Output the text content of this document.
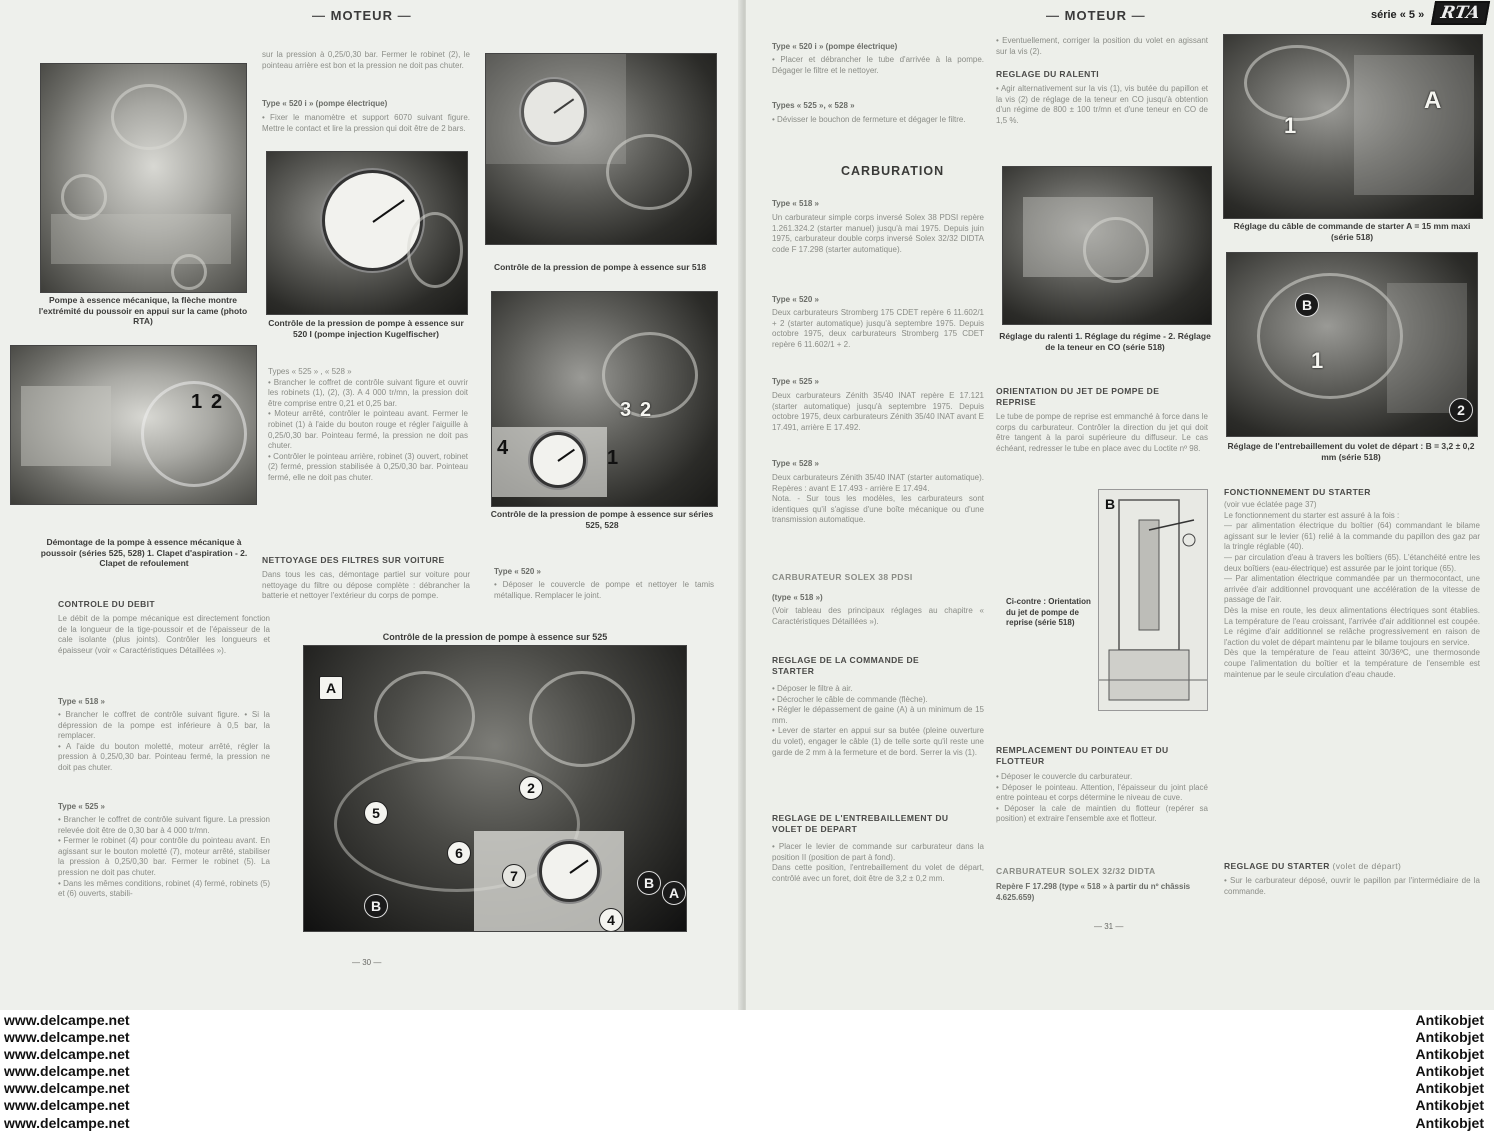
— MOTEUR —
Pompe à essence mécanique, la flèche montre l'extrémité du poussoir en appui sur la came (photo RTA)
sur la pression à 0,25/0,30 bar. Fermer le robinet (2), le pointeau arrière est bon et la pression ne doit pas chuter.
Type « 520 i » (pompe électrique)
• Fixer le manomètre et support 6070 suivant figure. Mettre le contact et lire la pression qui doit être de 2 bars.
Contrôle de la pression de pompe à essence sur 520 I (pompe injection Kugelfischer)
Contrôle de la pression de pompe à essence sur 518
1 2
Démontage de la pompe à essence mécanique à poussoir (séries 525, 528) 1. Clapet d'aspiration - 2. Clapet de refoulement
Types « 525 » , « 528 »
• Brancher le coffret de contrôle suivant figure et ouvrir les robinets (1), (2), (3). A 4 000 tr/mn, la pression doit être comprise entre 0,21 et 0,25 bar.
• Moteur arrêté, contrôler le pointeau avant. Fermer le robinet (1) à l'aide du bouton rouge et régler l'aiguille à 0,25/0,30 bar. Pointeau fermé, la pression ne doit pas chuter.
• Contrôler le pointeau arrière, robinet (3) ouvert, robinet (2) fermé, pression stabilisée à 0,25/0,30 bar. Pointeau fermé, elle ne doit pas chuter.
4	1
3 2
Contrôle de la pression de pompe à essence sur séries 525, 528
NETTOYAGE DES FILTRES SUR VOITURE
Dans tous les cas, démontage partiel sur voiture pour nettoyage du filtre ou dépose complète : débrancher la batterie et nettoyer l'extérieur du corps de pompe.
Type « 520 »
• Déposer le couvercle de pompe et nettoyer le tamis métallique. Remplacer le joint.
CONTROLE DU DEBIT
Le débit de la pompe mécanique est directement fonction de la longueur de la tige-poussoir et de l'épaisseur de la cale isolante (plus joints). Contrôler les longueurs et épaisseur (voir « Caractéristiques Détaillées »).
Type « 518 »
• Brancher le coffret de contrôle suivant figure. • Si la dépression de la pompe est inférieure à 0,5 bar, la remplacer.
• A l'aide du bouton moletté, moteur arrêté, régler la pression à 0,25/0,30 bar. Pointeau fermé, la pression ne doit pas chuter.
Type « 525 »
• Brancher le coffret de contrôle suivant figure. La pression relevée doit être de 0,30 bar à 4 000 tr/mn.
• Fermer le robinet (4) pour contrôle du pointeau avant. En agissant sur le bouton moletté (7), moteur arrêté, stabiliser la pression à 0,25/0,30 bar. Fermer le robinet (5). La pression ne doit pas chuter.
• Dans les mêmes conditions, robinet (4) fermé, robinets (5) et (6) ouverts, stabili-
Contrôle de la pression de pompe à essence sur 525
A
2
5
6
7	B
A
B
4
— 30 —
— MOTEUR —	série « 5 » RTA
Type « 520 i » (pompe électrique)
• Placer et débrancher le tube d'arrivée à la pompe. Dégager le filtre et le nettoyer.
Types « 525 », « 528 »
• Dévisser le bouchon de fermeture et dégager le filtre.
CARBURATION
Type « 518 »
Un carburateur simple corps inversé Solex 38 PDSI repère 1.261.324.2 (starter manuel) jusqu'à mai 1975. Depuis juin 1975, carburateur double corps inversé Solex 32/32 DIDTA code F 17.298 (starter automatique).
Type « 520 »
Deux carburateurs Stromberg 175 CDET repère 6 11.602/1 + 2 (starter automatique) jusqu'à septembre 1975. Depuis octobre 1975, deux carburateurs Stromberg 175 CDET repère 6 11.602/1 + 2.
Type « 525 »
Deux carburateurs Zénith 35/40 INAT repère E 17.121 (starter automatique) jusqu'à septembre 1975. Depuis octobre 1975, deux carburateurs Zénith 35/40 INAT avant E 17.491, arrière E 17.492.
Type « 528 »
Deux carburateurs Zénith 35/40 INAT (starter automatique). Repères : avant E 17.493 - arrière E 17.494.
Nota. - Sur tous les modèles, les carburateurs sont identiques qu'il s'agisse d'une boîte mécanique ou d'une transmission automatique.
CARBURATEUR SOLEX 38 PDSI
(type « 518 »)
(Voir tableau des principaux réglages au chapitre « Caractéristiques Détaillées »).
REGLAGE DE LA COMMANDE DE STARTER
• Déposer le filtre à air.
• Décrocher le câble de commande (flèche).
• Régler le dépassement de gaine (A) à un minimum de 15 mm.
• Lever de starter en appui sur sa butée (pleine ouverture du volet), engager le câble (1) de telle sorte qu'il reste une garde de 2 mm à la fermeture et de bord. Serrer la vis (1).
REGLAGE DE L'ENTREBAILLEMENT DU VOLET DE DEPART
• Placer le levier de commande sur carburateur dans la position II (position de part à fond).
Dans cette position, l'entrebaillement du volet de départ, contrôlé avec un foret, doit être de 3,2 ± 0,2 mm.
• Eventuellement, corriger la position du volet en agissant sur la vis (2).
REGLAGE DU RALENTI
• Agir alternativement sur la vis (1), vis butée du papillon et la vis (2) de réglage de la teneur en CO jusqu'à obtention d'un régime de 800 ± 100 tr/mn et d'une teneur en CO de 1,5 %.
Réglage du ralenti 1. Réglage du régime - 2. Réglage de la teneur en CO (série 518)
ORIENTATION DU JET DE POMPE DE REPRISE
Le tube de pompe de reprise est emmanché à force dans le corps du carburateur. Contrôler la direction du jet qui doit être tangent à la paroi supérieure du diffuseur. Le cas échéant, redresser le tube en place avec du Loctite nº 98.
B
Ci-contre : Orientation du jet de pompe de reprise (série 518)
REMPLACEMENT DU POINTEAU ET DU FLOTTEUR
• Déposer le couvercle du carburateur.
• Déposer le pointeau. Attention, l'épaisseur du joint placé entre pointeau et corps détermine le niveau de cuve.
• Déposer la cale de maintien du flotteur (repérer sa position) et extraire l'ensemble axe et flotteur.
CARBURATEUR SOLEX 32/32 DIDTA
Repère F 17.298 (type « 518 » à partir du nº châssis 4.625.659)
1
A
Réglage du câble de commande de starter A = 15 mm maxi (série 518)
B
1
2
Réglage de l'entrebaillement du volet de départ : B = 3,2 ± 0,2 mm (série 518)
FONCTIONNEMENT DU STARTER
(voir vue éclatée page 37)
Le fonctionnement du starter est assuré à la fois :
— par alimentation électrique du boîtier (64) commandant le bilame agissant sur le levier (61) relié à la commande du papillon des gaz par la tringle réglable (40).
— par circulation d'eau à travers les boîtiers (65). L'étanchéité entre les deux boîtiers (eau-électrique) est assurée par le joint torique (65).
— Par alimentation électrique commandée par un thermocontact, une arrivée d'air additionnel provoquant une accélération de la vitesse de passage de l'air.
Dès la mise en route, les deux alimentations électriques sont établies. La température de l'eau croissant, l'arrivée d'air additionnel est coupée. Le régime d'air additionnel se relâche progressivement en raison de l'action du volet de départ maintenu par le bilame toujours en service.
Dès que la température de l'eau atteint 30/36ºC, une thermosonde coupe l'alimentation du boîtier et la température de l'ensemble est maintenue par le seule circulation d'eau chaude.
REGLAGE DU STARTER (volet de départ)
• Sur le carburateur déposé, ouvrir le papillon par l'intermédiaire de la commande.
— 31 —
www.delcampe.net
www.delcampe.net
www.delcampe.net
www.delcampe.net
www.delcampe.net
www.delcampe.net
www.delcampe.net
Antikobjet
Antikobjet
Antikobjet
Antikobjet
Antikobjet
Antikobjet
Antikobjet
